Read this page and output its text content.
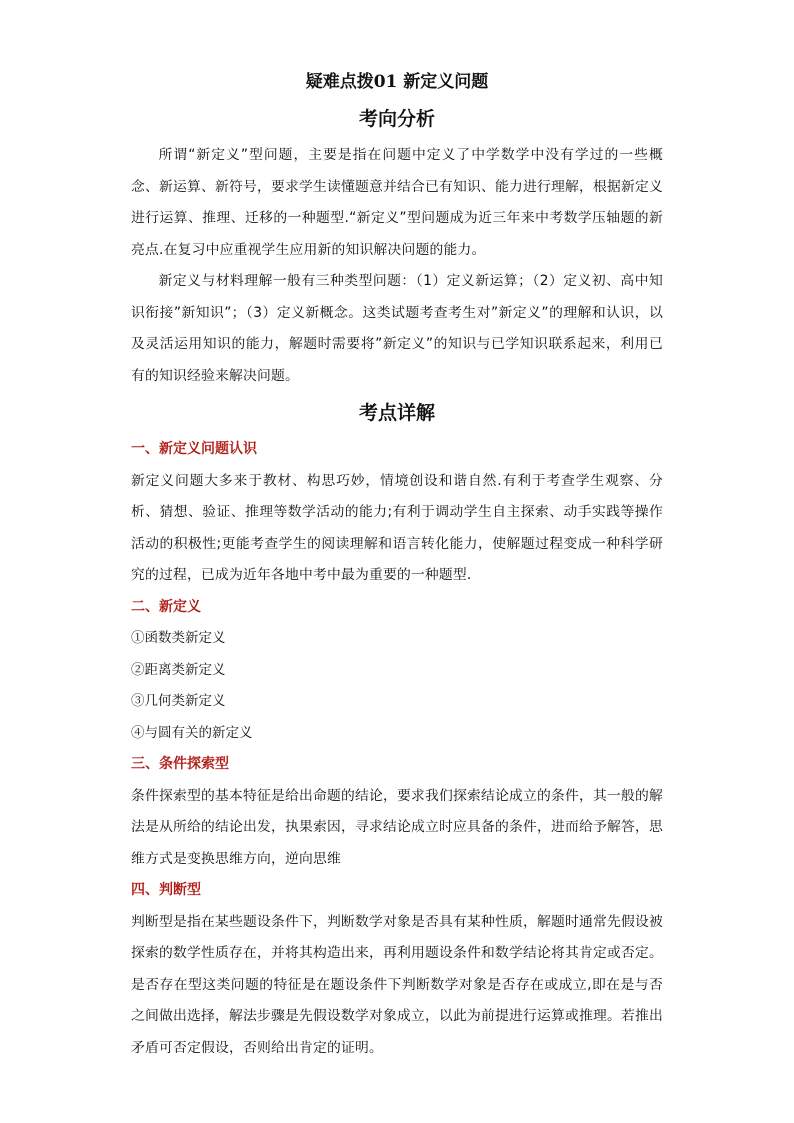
疑难点拨01 新定义问题
考向分析

所谓“新定义”型问题，主要是指在问题中定义了中学数学中没有学过的一些概念、新运算、新符号，要求学生读懂题意并结合已有知识、能力进行理解，根据新定义进行运算、推理、迁移的一种题型.“新定义”型问题成为近三年来中考数学压轴题的新亮点.在复习中应重视学生应用新的知识解决问题的能力。

新定义与材料理解一般有三种类型问题：（1）定义新运算；（2）定义初、高中知识衔接”新知识”；（3）定义新概念。这类试题考查考生对”新定义”的理解和认识，以及灵活运用知识的能力，解题时需要将”新定义”的知识与已学知识联系起来，利用已有的知识经验来解决问题。

考点详解
一、新定义问题认识

新定义问题大多来于教材、构思巧妙，情境创设和谐自然.有利于考查学生观察、分析、猜想、验证、推理等数学活动的能力;有利于调动学生自主探索、动手实践等操作活动的积极性;更能考查学生的阅读理解和语言转化能力，使解题过程变成一种科学研究的过程，已成为近年各地中考中最为重要的一种题型.

二、新定义

①函数类新定义

②距离类新定义

③几何类新定义

④与圆有关的新定义

三、条件探索型

条件探索型的基本特征是给出命题的结论，要求我们探索结论成立的条件，其一般的解法是从所给的结论出发，执果索因，寻求结论成立时应具备的条件，进而给予解答，思维方式是变换思维方向，逆向思维

四、判断型

判断型是指在某些题设条件下，判断数学对象是否具有某种性质，解题时通常先假设被探索的数学性质存在，并将其构造出来，再利用题设条件和数学结论将其肯定或否定。是否存在型这类问题的特征是在题设条件下判断数学对象是否存在或成立,即在是与否之间做出选择，解法步骤是先假设数学对象成立，以此为前提进行运算或推理。若推出矛盾可否定假设，否则给出肯定的证明。
